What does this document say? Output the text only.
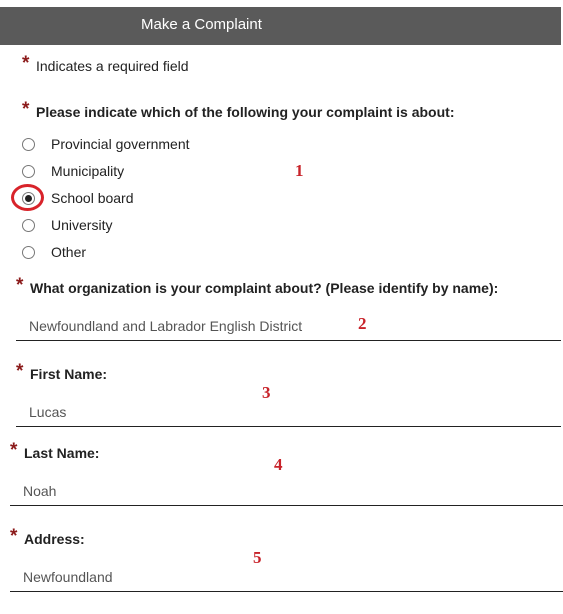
Make a Complaint
* Indicates a required field
* Please indicate which of the following your complaint is about:
Provincial government
Municipality
School board
University
Other
1
2
3
4
5
* What organization is your complaint about? (Please identify by name):
Newfoundland and Labrador English District
* First Name:
Lucas
* Last Name:
Noah
* Address:
Newfoundland
